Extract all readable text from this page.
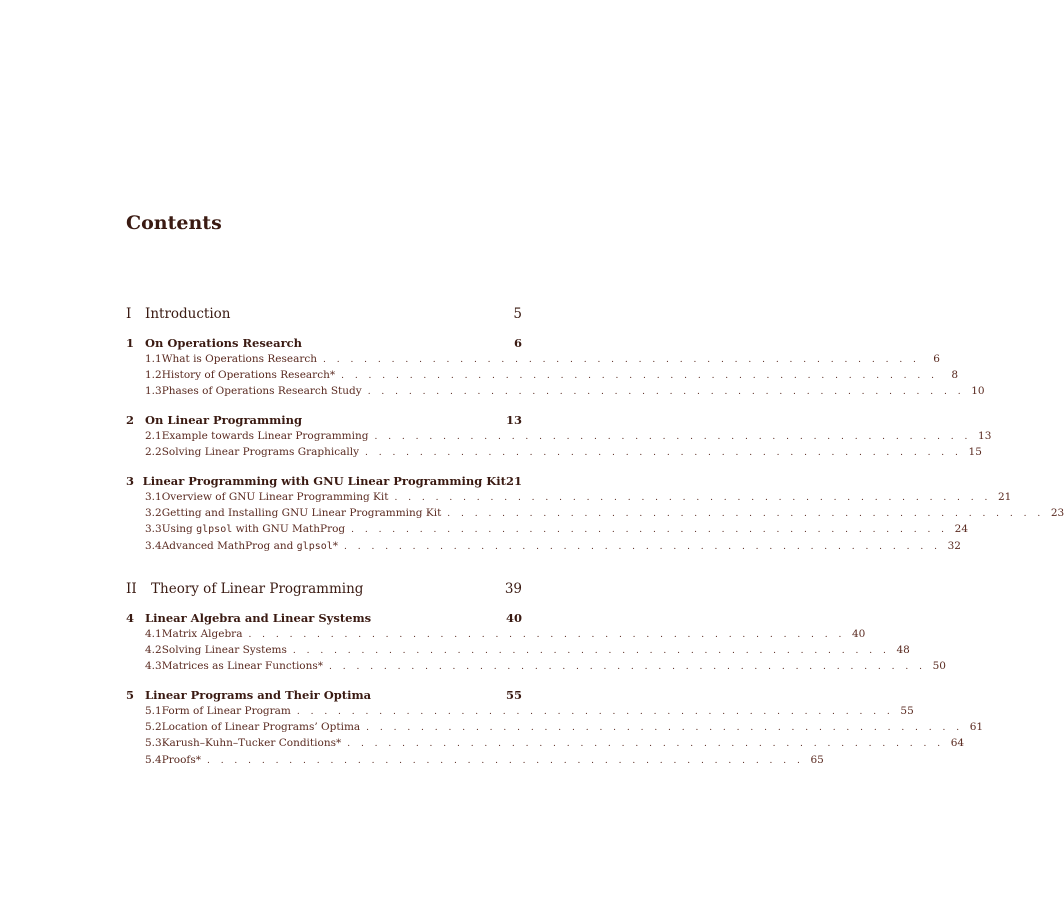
Contents
I	Introduction	5
1 On Operations Research	6
1.1 What is Operations Research . . . . . . . . . . . . . . . . . . . . . . . . . . . . . . . . . . . . . . . . . . . .	6
1.2 History of Operations Research* . . . . . . . . . . . . . . . . . . . . . . . . . . . . . . . . . . . . . . . . . . . .	8
1.3 Phases of Operations Research Study . . . . . . . . . . . . . . . . . . . . . . . . . . . . . . . . . . . . . . . . . . . . 10
2 On Linear Programming	13
2.1 Example towards Linear Programming . . . . . . . . . . . . . . . . . . . . . . . . . . . . . . . . . . . . . . . . . . . . 13
2.2 Solving Linear Programs Graphically . . . . . . . . . . . . . . . . . . . . . . . . . . . . . . . . . . . . . . . . . . . . 15
3 Linear Programming with GNU Linear Programming Kit 21
3.1 Overview of GNU Linear Programming Kit . . . . . . . . . . . . . . . . . . . . . . . . . . . . . . . . . . . . . . . . . . . . 21
3.2 Getting and Installing GNU Linear Programming Kit . . . . . . . . . . . . . . . . . . . . . . . . . . . . . . . . . . . . . . . . . . . . 23
3.3 Using glpsol with GNU MathProg . . . . . . . . . . . . . . . . . . . . . . . . . . . . . . . . . . . . . . . . . . . . 24
3.4 Advanced MathProg and glpsol* . . . . . . . . . . . . . . . . . . . . . . . . . . . . . . . . . . . . . . . . . . . . 32
II	Theory of Linear Programming	39
4 Linear Algebra and Linear Systems	40
4.1 Matrix Algebra . . . . . . . . . . . . . . . . . . . . . . . . . . . . . . . . . . . . . . . . . . . . 40
4.2 Solving Linear Systems . . . . . . . . . . . . . . . . . . . . . . . . . . . . . . . . . . . . . . . . . . . . 48
4.3 Matrices as Linear Functions* . . . . . . . . . . . . . . . . . . . . . . . . . . . . . . . . . . . . . . . . . . . . 50
5 Linear Programs and Their Optima	55
5.1 Form of Linear Program . . . . . . . . . . . . . . . . . . . . . . . . . . . . . . . . . . . . . . . . . . . . 55
5.2 Location of Linear Programs’ Optima . . . . . . . . . . . . . . . . . . . . . . . . . . . . . . . . . . . . . . . . . . . . 61
5.3 Karush–Kuhn–Tucker Conditions* . . . . . . . . . . . . . . . . . . . . . . . . . . . . . . . . . . . . . . . . . . . . 64
5.4 Proofs* . . . . . . . . . . . . . . . . . . . . . . . . . . . . . . . . . . . . . . . . . . . . 65
